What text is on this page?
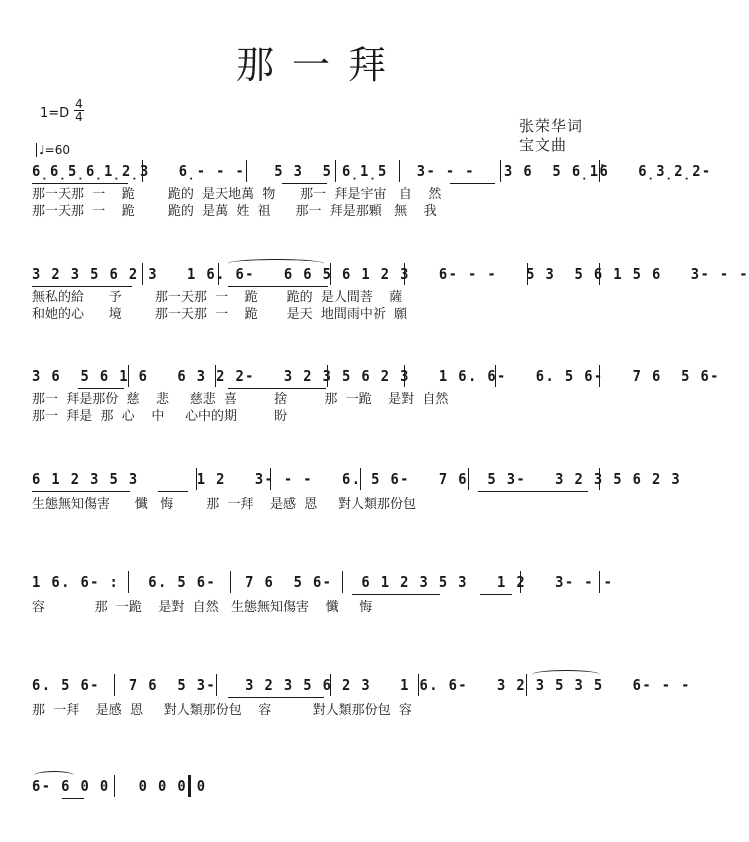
那一拜
$1=D \frac{4}{4}$
♩=60
张荣华词
宝文曲
6̣6̣5̣6̣1̣2̣3   6̣- - -   5 3  5 6̣1̣5   3- - -   3 6  5 6̣1̇6   6̣3̣2̣2-
那一天那  一    跪        跪的  是天地萬  物      那一  拜是宇宙   自    然
那一天那  一    跪        跪的  是萬  姓  祖      那一  拜是那顆   無    我
3 2 3 5 6 2 3   1 6. 6-   6 6 5 6 1 2 3   6- - -   5 3  5 6 1 5 6   3- - -
無私的給      予        那一天那  一    跪       跪的  是人間菩    薩
和她的心      境        那一天那  一    跪       是天  地間雨中祈  願
3 6  5 6 1 6   6 3 2 2-   3 2 3 5 6 2 3   1 6. 6-   6. 5 6-   7 6  5 6-
那一  拜是那份  慈    悲     慈悲  喜         捨         那  一跪    是對  自然
那一  拜是  那  心    中     心中的期         盼
6 1 2 3 5 3      1 2   3- - -   6. 5 6-   7 6  5 3-   3 2 3 5 6 2 3
生態無知傷害      懺   悔        那  一拜    是感  恩     對人類那份包
1 6. 6- :   6. 5 6-   7 6  5 6-   6 1 2 3 5 3   1 2   3- - -
容            那  一跪    是對  自然   生態無知傷害    懺     悔
6. 5 6-   7 6  5 3-   3 2 3 5 6 2 3   1 6. 6-   3 2 3 5 3 5   6- - -
那  一拜    是感  恩     對人類那份包    容          對人類那份包  容
6- 6 0 0   0 0 0 0
